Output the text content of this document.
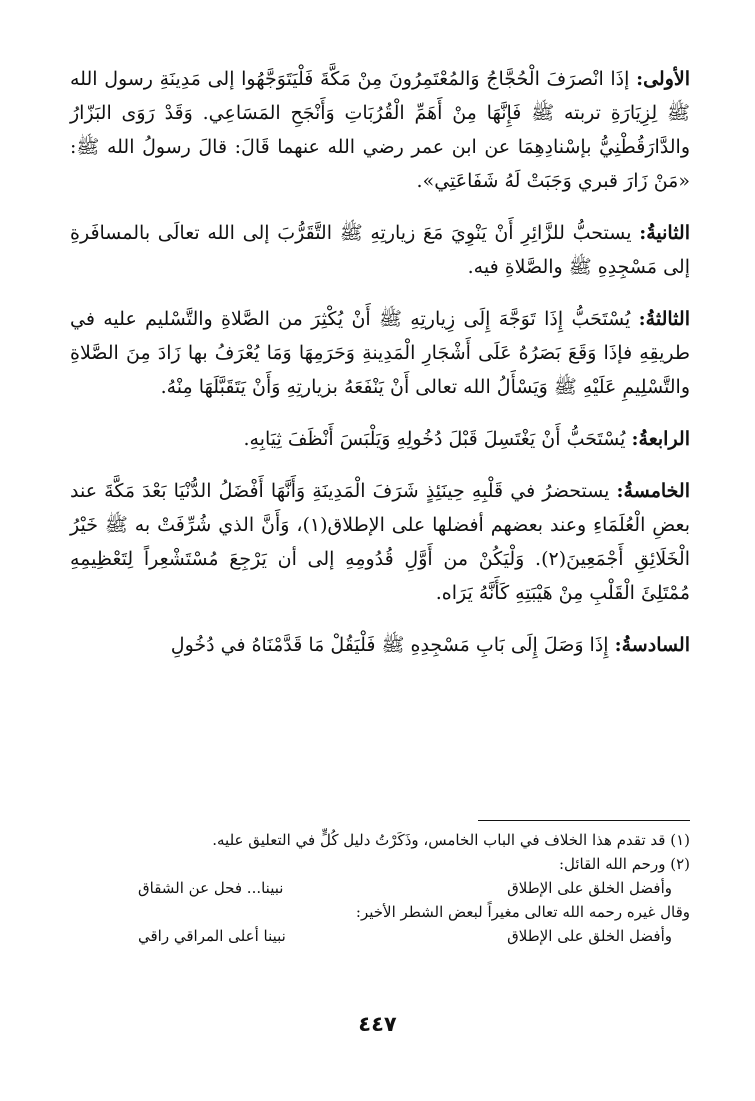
الأولى: إذَا انْصرَفَ الْحُجَّاجُ وَالمُعْتَمِرُونَ مِنْ مَكَّةَ فَلْيَتَوَجَّهُوا إلى مَدِينَةِ رسول الله ﷺ لِزِيَارَةِ تربته ﷺ فَإِنَّهَا مِنْ أَهَمِّ الْقُرُبَاتِ وَأَنْجَحِ المَسَاعِي. وَقَدْ رَوَى البَزّارُ والدَّارَقُطْنِيُّ بإسْنادِهِمَا عن ابن عمر رضي الله عنهما قَالَ: قالَ رسولُ الله ﷺ: «مَنْ زَارَ قبري وَجَبَتْ لَهُ شَفَاعَتِي».

الثانيةُ: يستحبُّ للزَّائِرِ أَنْ يَنْوِيَ مَعَ زيارتِهِ ﷺ التَّقَرُّبَ إلى الله تعالَى بالمسافَرةِ إلى مَسْجِدِهِ ﷺ والصَّلاةِ فيه.

الثالثةُ: يُسْتَحَبُّ إِذَا تَوَجَّهَ إِلَى زِيارتِهِ ﷺ أَنْ يُكْثِرَ من الصَّلاةِ والتَّسْليم عليه في طريقِهِ فإذَا وَقَعَ بَصَرُهُ عَلَى أَشْجَارِ الْمَدِينةِ وَحَرَمِهَا وَمَا يُعْرَفُ بها زَادَ مِنَ الصَّلاةِ والتَّسْلِيمِ عَلَيْهِ ﷺ وَيَسْأَلُ الله تعالى أَنْ يَنْفَعَهُ بزيارتِهِ وَأَنْ يَتَقَبَّلَهَا مِنْهُ.

الرابعةُ: يُسْتَحَبُّ أَنْ يَغْتَسِلَ قَبْلَ دُخُولِهِ وَيَلْبَسَ أَنْظَفَ ثِيَابِهِ.

الخامسةُ: يستحضرُ في قَلْبِهِ حِينَئِذٍ شَرَفَ الْمَدِينَةِ وَأَنَّهَا أَفْضَلُ الدُّنْيَا بَعْدَ مَكَّةَ عند بعضِ الْعُلَمَاءِ وعند بعضهم أفضلها على الإطلاق(١)، وَأَنَّ الذي شُرِّفَتْ به ﷺ خَيْرُ الْخَلَائِقِ أَجْمَعِينَ(٢). وَلْيَكُنْ من أَوَّلِ قُدُومِهِ إلى أن يَرْجِعَ مُسْتَشْعِراً لِتَعْظِيمِهِ مُمْتَلِئَ الْقَلْبِ مِنْ هَيْبَتِهِ كَأَنَّهُ يَرَاه.

السادسةُ: إِذَا وَصَلَ إِلَى بَابِ مَسْجِدِهِ ﷺ فَلْيَقُلْ مَا قَدَّمْنَاهُ في دُخُولِ

(١) قد تقدم هذا الخلاف في الباب الخامس، وذَكَرْتُ دليل كُلٍّ في التعليق عليه.

(٢) ورحم الله القائل:

وأفضل الخلق على الإطلاق
نبينا... فحل عن الشقاق

وقال غيره رحمه الله تعالى مغيراً لبعض الشطر الأخير:

وأفضل الخلق على الإطلاق
نبينا أعلى المراقي راقي

٤٤٧
